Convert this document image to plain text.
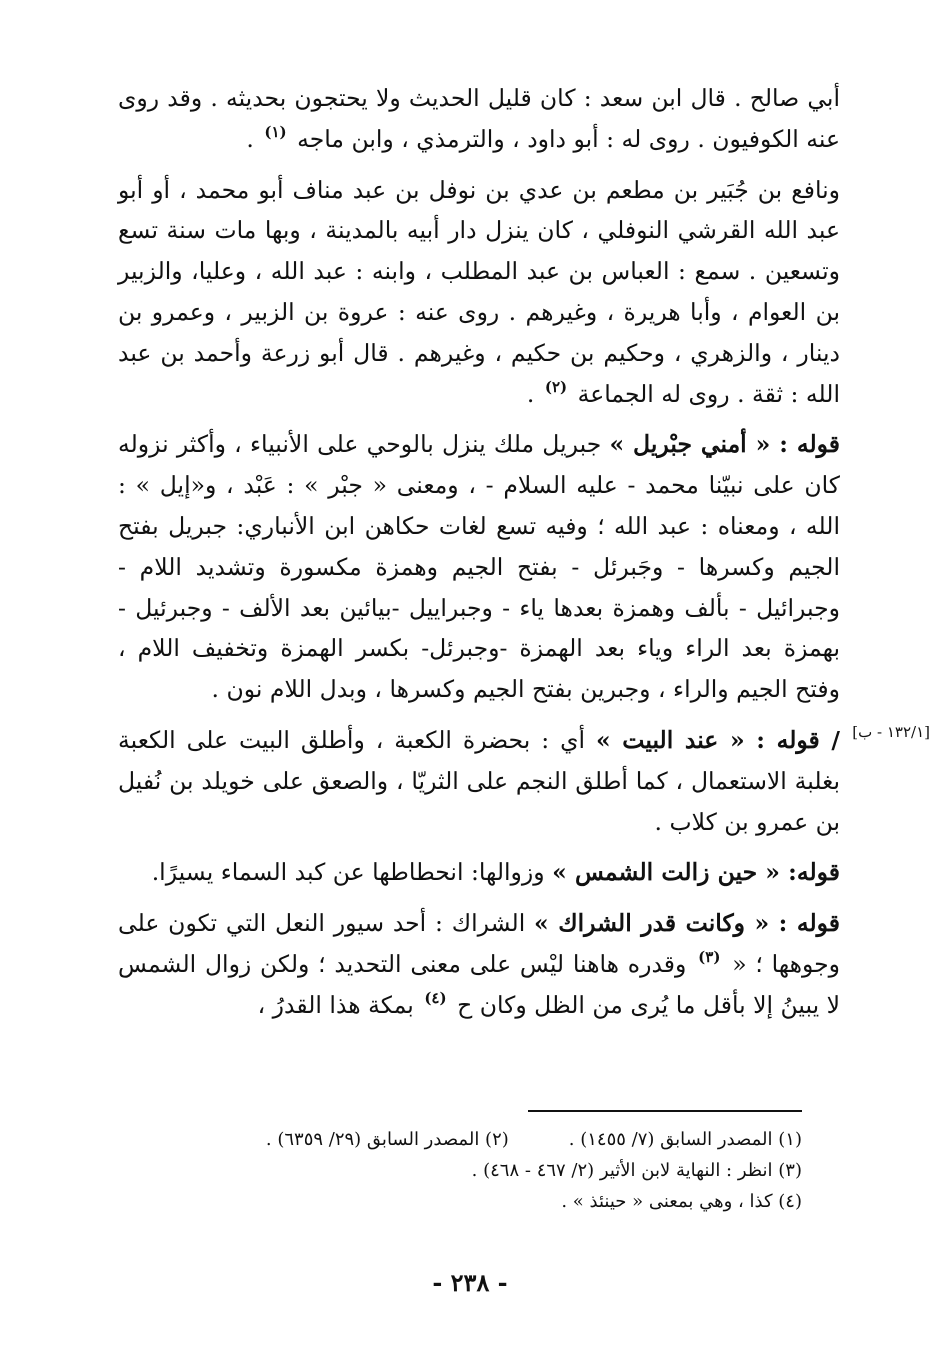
أبي صالح . قال ابن سعد : كان قليل الحديث ولا يحتجون بحديثه . وقد روى عنه الكوفيون . روى له : أبو داود ، والترمذي ، وابن ماجه $^{(١)}$ .

ونافع بن جُبَير بن مطعم بن عدي بن نوفل بن عبد مناف أبو محمد ، أو أبو عبد الله القرشي النوفلي ، كان ينزل دار أبيه بالمدينة ، وبها مات سنة تسع وتسعين . سمع : العباس بن عبد المطلب ، وابنه : عبد الله ، وعليا، والزبير بن العوام ، وأبا هريرة ، وغيرهم . روى عنه : عروة بن الزبير ، وعمرو بن دينار ، والزهري ، وحكيم بن حكيم ، وغيرهم . قال أبو زرعة وأحمد بن عبد الله : ثقة . روى له الجماعة $^{(٢)}$ .

قوله : « أمني جبْريل » جبريل ملك ينزل بالوحي على الأنبياء ، وأكثر نزوله كان على نبيّنا محمد - عليه السلام - ، ومعنى « جبْر » : عَبْد ، و«إيل » : الله ، ومعناه : عبد الله ؛ وفيه تسع لغات حكاهن ابن الأنباري: جبريل بفتح الجيم وكسرها - وجَبرئل - بفتح الجيم وهمزة مكسورة وتشديد اللام - وجبرائيل - بألف وهمزة بعدها ياء - وجبراييل -بيائين بعد الألف - وجبرئيل - بهمزة بعد الراء وياء بعد الهمزة -وجبرئل- بكسر الهمزة وتخفيف اللام ، وفتح الجيم والراء ، وجبرين بفتح الجيم وكسرها ، وبدل اللام نون .

[١٣٢/١ - ب]
/ قوله : « عند البيت » أي : بحضرة الكعبة ، وأطلق البيت على الكعبة بغلبة الاستعمال ، كما أطلق النجم على الثريّا ، والصعق على خويلد بن نُفيل بن عمرو بن كلاب .

قوله: « حين زالت الشمس » وزوالها: انحطاطها عن كبد السماء يسيرًا.

قوله : « وكانت قدر الشراك » الشراك : أحد سيور النعل التي تكون على وجوهها ؛ « $^{(٣)}$ وقدره هاهنا ليْس على معنى التحديد ؛ ولكن زوال الشمس لا يبينُ إلا بأقل ما يُرى من الظل وكان ح $^{(٤)}$ بمكة هذا القدرُ ،

(١) المصدر السابق (٧/ ١٤٥٥) .
(٢) المصدر السابق (٢٩/ ٦٣٥٩) .
(٣) انظر : النهاية لابن الأثير (٢/ ٤٦٧ - ٤٦٨) .
(٤) كذا ، وهي بمعنى « حينئذ » .
- ٢٣٨ -
